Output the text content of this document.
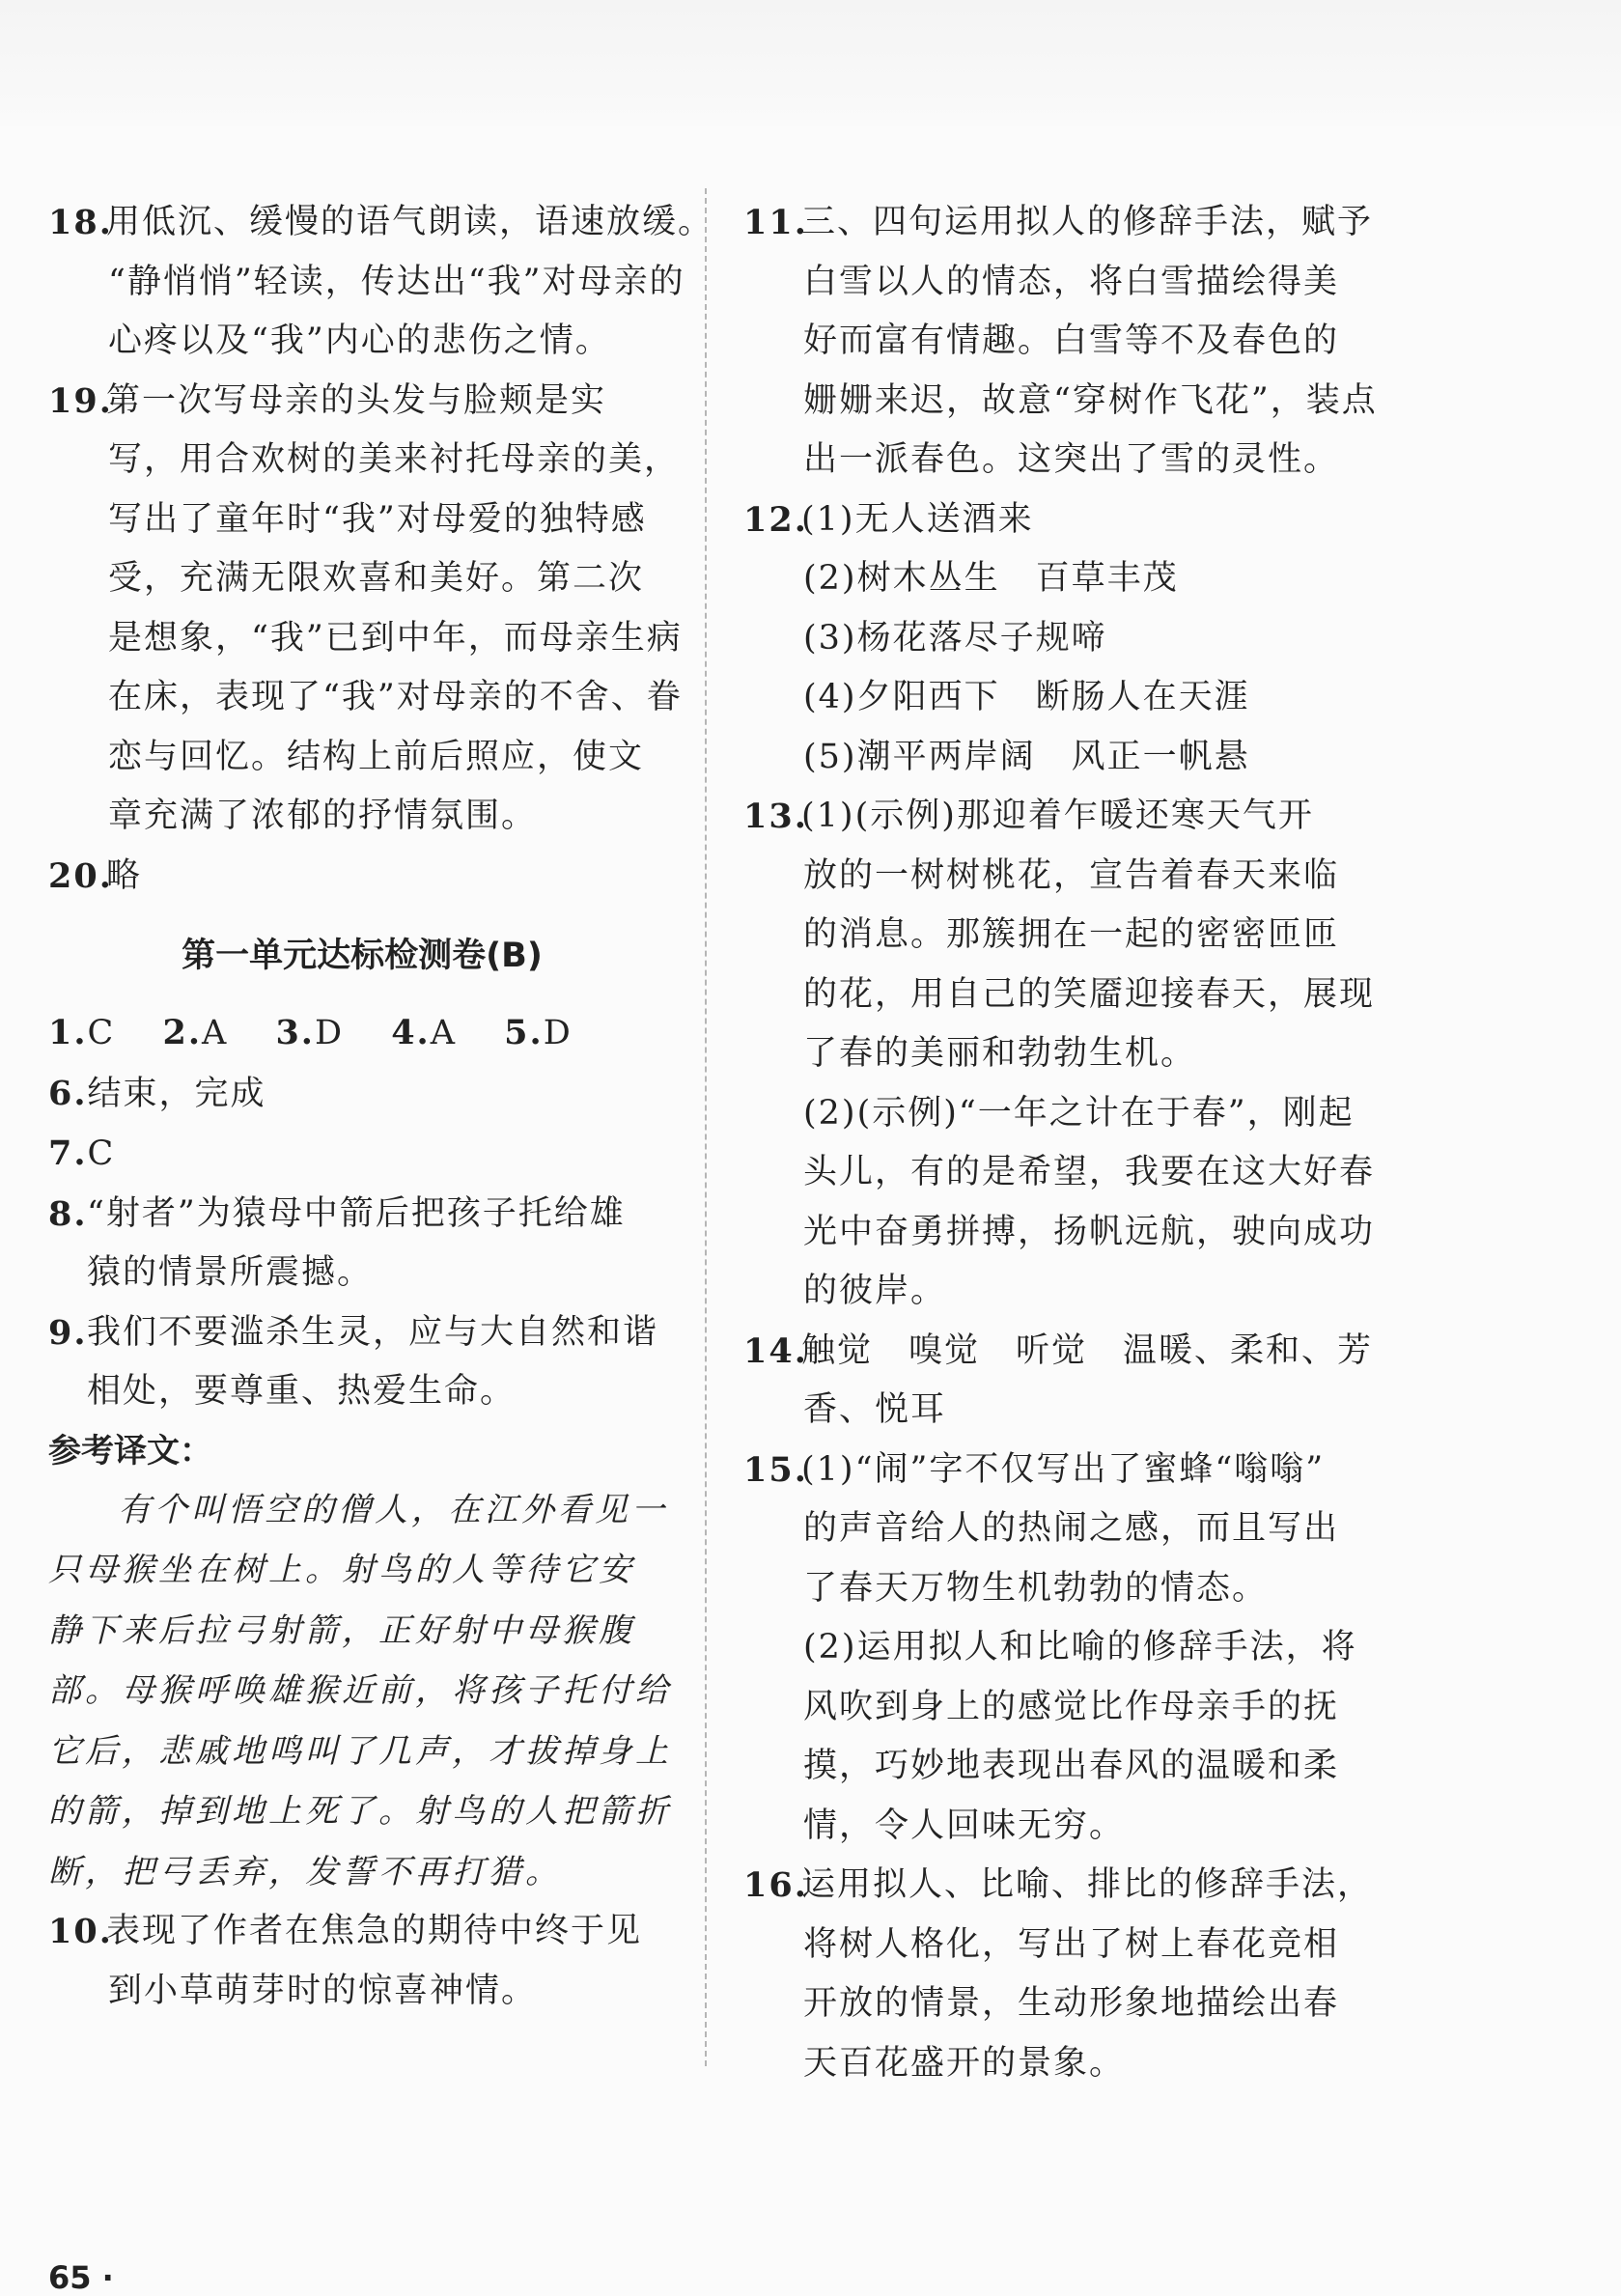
18.
用低沉、缓慢的语气朗读，语速放缓。
“静悄悄”轻读，传达出“我”对母亲的
心疼以及“我”内心的悲伤之情。
19.
第一次写母亲的头发与脸颊是实
写，用合欢树的美来衬托母亲的美，
写出了童年时“我”对母爱的独特感
受，充满无限欢喜和美好。第二次
是想象，“我”已到中年，而母亲生病
在床，表现了“我”对母亲的不舍、眷
恋与回忆。结构上前后照应，使文
章充满了浓郁的抒情氛围。
20.
略
第一单元达标检测卷(B)
1.C 2.A 3.D 4.A 5.D
6.结束，完成
7.C
8. “射者”为猿母中箭后把孩子托给雄
猿的情景所震撼。
9. 我们不要滥杀生灵，应与大自然和谐
相处，要尊重、热爱生命。
参考译文：
有个叫悟空的僧人，在江外看见一
只母猴坐在树上。射鸟的人等待它安
静下来后拉弓射箭，正好射中母猴腹
部。母猴呼唤雄猴近前，将孩子托付给
它后，悲戚地鸣叫了几声，才拔掉身上
的箭，掉到地上死了。射鸟的人把箭折
断，把弓丢弃，发誓不再打猎。
10.
表现了作者在焦急的期待中终于见
到小草萌芽时的惊喜神情。
65 ·
11.
三、四句运用拟人的修辞手法，赋予
白雪以人的情态，将白雪描绘得美
好而富有情趣。白雪等不及春色的
姗姗来迟，故意“穿树作飞花”，装点
出一派春色。这突出了雪的灵性。
12.
(1)无人送酒来
(2)树木丛生　百草丰茂
(3)杨花落尽子规啼
(4)夕阳西下　断肠人在天涯
(5)潮平两岸阔　风正一帆悬
13.
(1)(示例)那迎着乍暖还寒天气开
放的一树树桃花，宣告着春天来临
的消息。那簇拥在一起的密密匝匝
的花，用自己的笑靥迎接春天，展现
了春的美丽和勃勃生机。
(2)(示例)“一年之计在于春”，刚起
头儿，有的是希望，我要在这大好春
光中奋勇拼搏，扬帆远航，驶向成功
的彼岸。
14.
触觉　嗅觉　听觉　温暖、柔和、芳
香、悦耳
15.
(1)“闹”字不仅写出了蜜蜂“嗡嗡”
的声音给人的热闹之感，而且写出
了春天万物生机勃勃的情态。
(2)运用拟人和比喻的修辞手法，将
风吹到身上的感觉比作母亲手的抚
摸，巧妙地表现出春风的温暖和柔
情，令人回味无穷。
16.
运用拟人、比喻、排比的修辞手法，
将树人格化，写出了树上春花竞相
开放的情景，生动形象地描绘出春
天百花盛开的景象。
